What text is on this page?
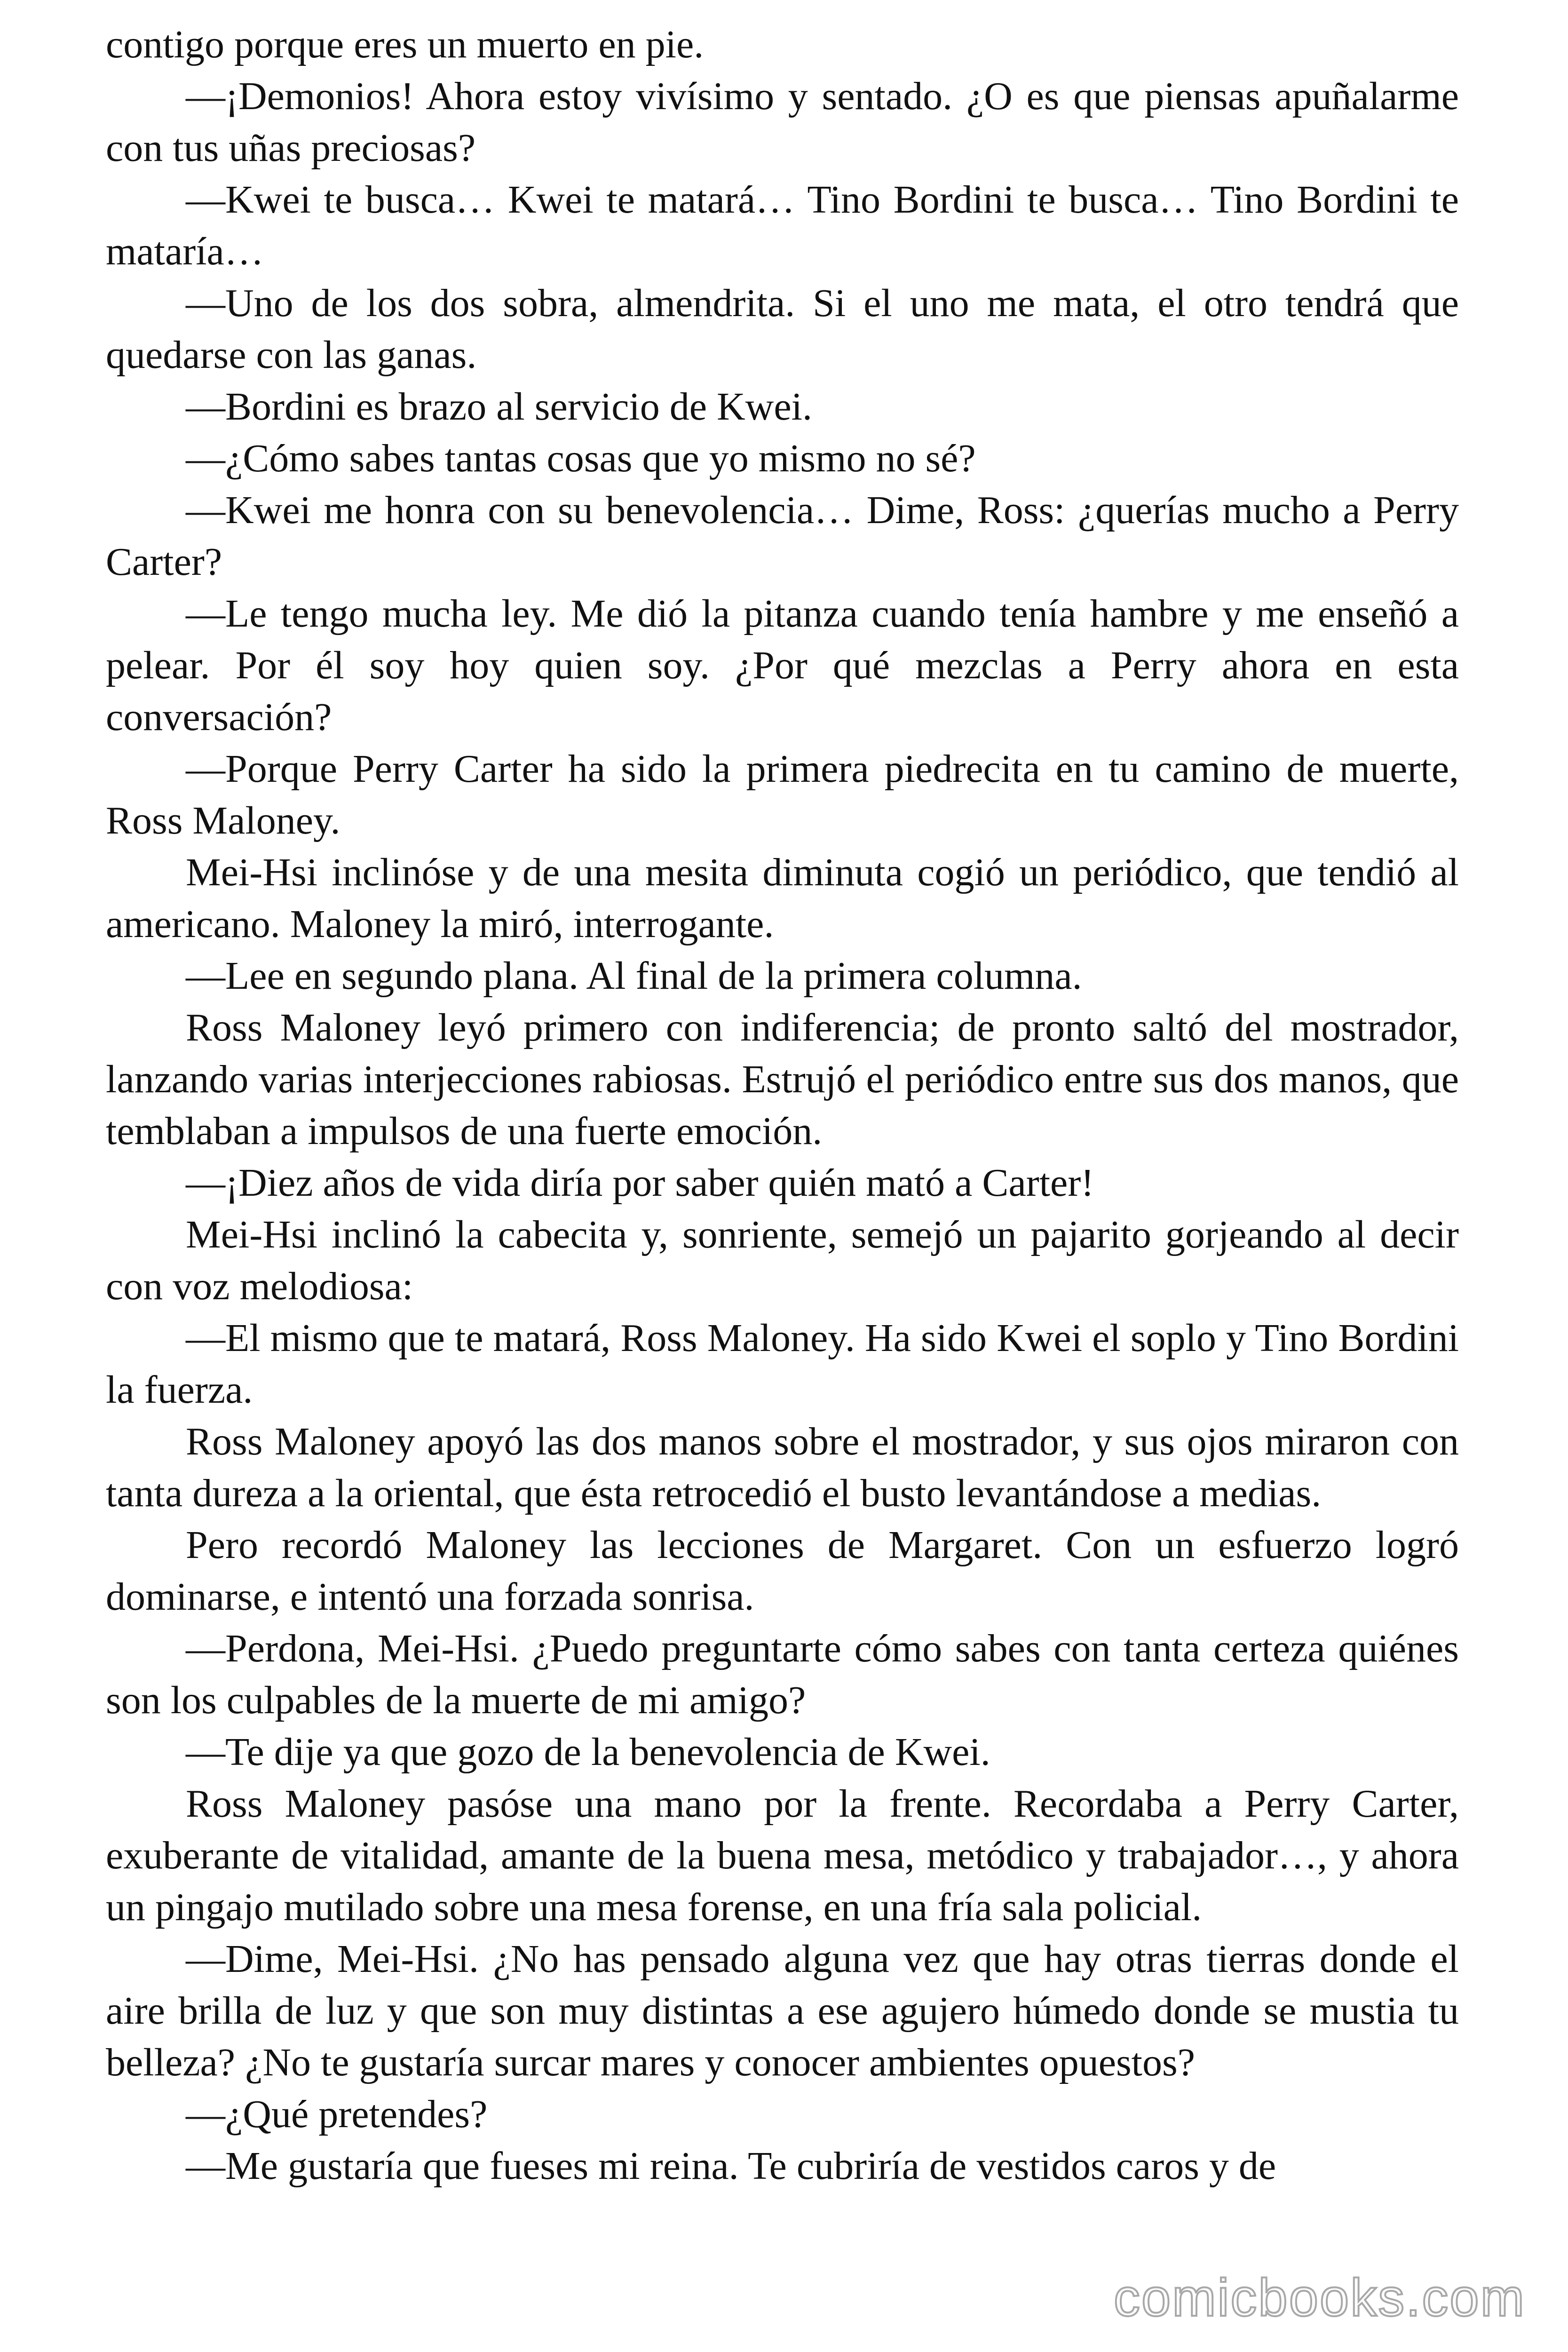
contigo porque eres un muerto en pie.

—¡Demonios! Ahora estoy vivísimo y sentado. ¿O es que piensas apuñalarme con tus uñas preciosas?

—Kwei te busca… Kwei te matará… Tino Bordini te busca… Tino Bordini te mataría…

—Uno de los dos sobra, almendrita. Si el uno me mata, el otro tendrá que quedarse con las ganas.

—Bordini es brazo al servicio de Kwei.

—¿Cómo sabes tantas cosas que yo mismo no sé?

—Kwei me honra con su benevolencia… Dime, Ross: ¿querías mucho a Perry Carter?

—Le tengo mucha ley. Me dió la pitanza cuando tenía hambre y me enseñó a pelear. Por él soy hoy quien soy. ¿Por qué mezclas a Perry ahora en esta conversación?

—Porque Perry Carter ha sido la primera piedrecita en tu camino de muerte, Ross Maloney.

Mei-Hsi inclinóse y de una mesita diminuta cogió un periódico, que tendió al americano. Maloney la miró, interrogante.

—Lee en segundo plana. Al final de la primera columna.

Ross Maloney leyó primero con indiferencia; de pronto saltó del mostrador, lanzando varias interjecciones rabiosas. Estrujó el periódico entre sus dos manos, que temblaban a impulsos de una fuerte emoción.

—¡Diez años de vida diría por saber quién mató a Carter!

Mei-Hsi inclinó la cabecita y, sonriente, semejó un pajarito gorjeando al decir con voz melodiosa:

—El mismo que te matará, Ross Maloney. Ha sido Kwei el soplo y Tino Bordini la fuerza.

Ross Maloney apoyó las dos manos sobre el mostrador, y sus ojos miraron con tanta dureza a la oriental, que ésta retrocedió el busto levantándose a medias.

Pero recordó Maloney las lecciones de Margaret. Con un esfuerzo logró dominarse, e intentó una forzada sonrisa.

—Perdona, Mei-Hsi. ¿Puedo preguntarte cómo sabes con tanta certeza quiénes son los culpables de la muerte de mi amigo?

—Te dije ya que gozo de la benevolencia de Kwei.

Ross Maloney pasóse una mano por la frente. Recordaba a Perry Carter, exuberante de vitalidad, amante de la buena mesa, metódico y trabajador…, y ahora un pingajo mutilado sobre una mesa forense, en una fría sala policial.

—Dime, Mei-Hsi. ¿No has pensado alguna vez que hay otras tierras donde el aire brilla de luz y que son muy distintas a ese agujero húmedo donde se mustia tu belleza? ¿No te gustaría surcar mares y conocer ambientes opuestos?

—¿Qué pretendes?

—Me gustaría que fueses mi reina. Te cubriría de vestidos caros y de

comicbooks.com
